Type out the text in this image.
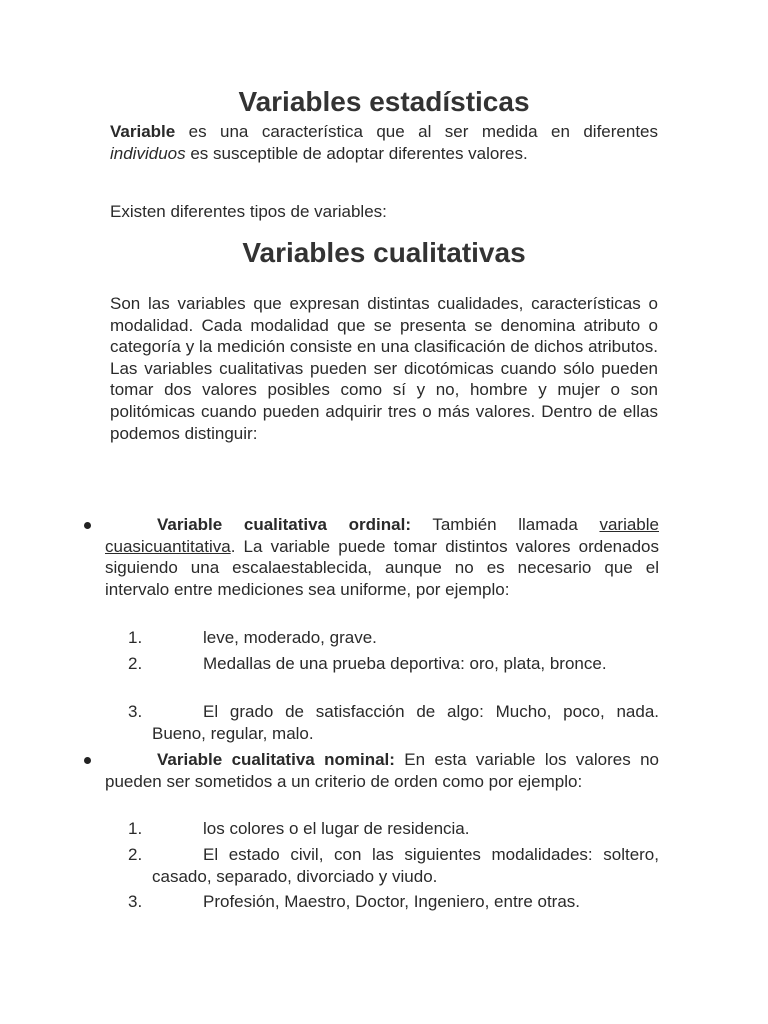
Variables estadísticas

Variable es una característica que al ser medida en diferentes individuos es susceptible de adoptar diferentes valores.

Existen diferentes tipos de variables:

Variables cualitativas

Son las variables que expresan distintas cualidades, características o modalidad. Cada modalidad que se presenta se denomina atributo o categoría y la medición consiste en una clasificación de dichos atributos. Las variables cualitativas pueden ser dicotómicas cuando sólo pueden tomar dos valores posibles como sí y no, hombre y mujer o son politómicas cuando pueden adquirir tres o más valores. Dentro de ellas podemos distinguir:

Variable cualitativa ordinal: También llamada variable cuasicuantitativa. La variable puede tomar distintos valores ordenados siguiendo una escalaestablecida, aunque no es necesario que el intervalo entre mediciones sea uniforme, por ejemplo:

1.	leve, moderado, grave.

2.	Medallas de una prueba deportiva: oro, plata, bronce.

3.	El grado de satisfacción de algo: Mucho, poco, nada. Bueno, regular, malo.

Variable cualitativa nominal: En esta variable los valores no pueden ser sometidos a un criterio de orden como por ejemplo:

1.	los colores o el lugar de residencia.

2.	El estado civil, con las siguientes modalidades: soltero, casado, separado, divorciado y viudo.

3.	Profesión, Maestro, Doctor, Ingeniero, entre otras.
